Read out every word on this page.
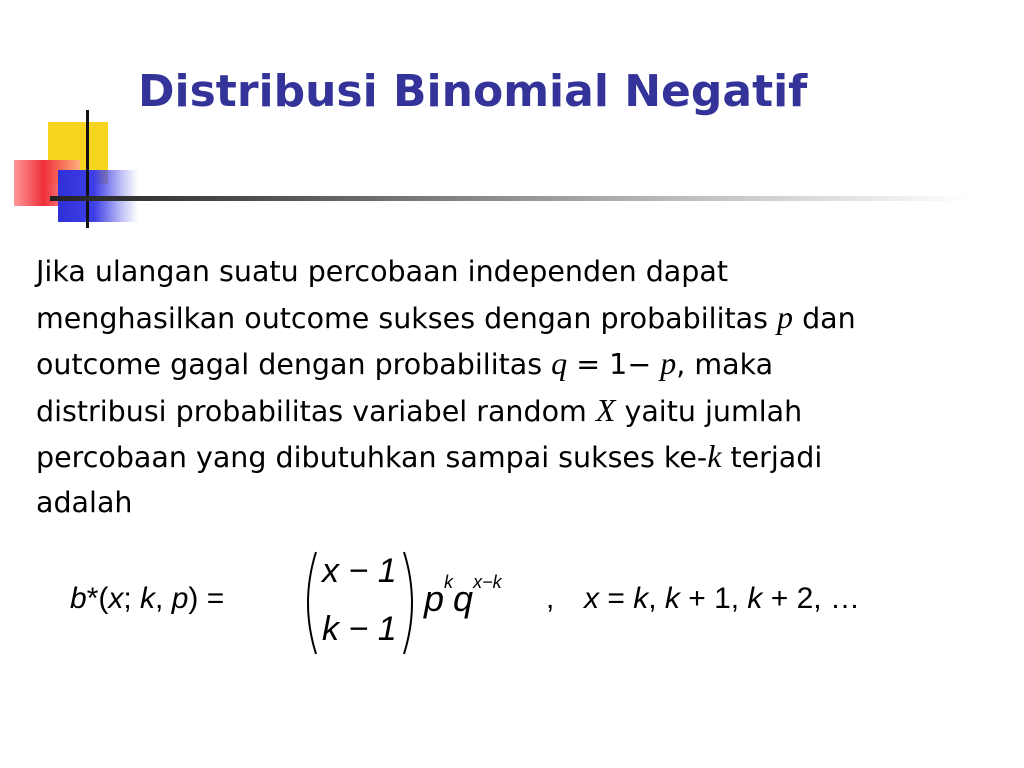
Distribusi Binomial Negatif
Jika ulangan suatu percobaan independen dapat
menghasilkan outcome sukses dengan probabilitas p dan
outcome gagal dengan probabilitas q = 1− p, maka
distribusi probabilitas variabel random X yaitu jumlah
percobaan yang dibutuhkan sampai sukses ke-k terjadi
adalah
b*(x; k, p) =
x − 1
k − 1
$p^kq^{x-k}$ , x = k, k + 1, k + 2, …
